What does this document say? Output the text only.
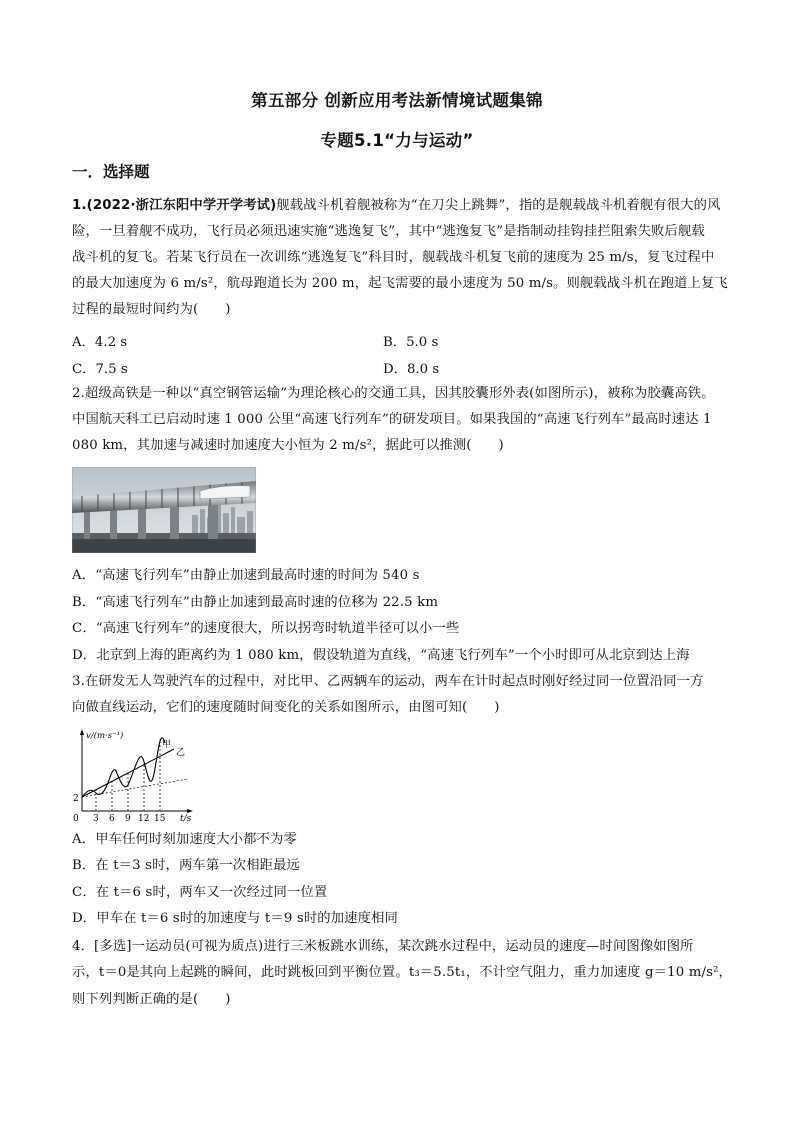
第五部分 创新应用考法新情境试题集锦
专题5.1“力与运动”
一．选择题
1.(2022·浙江东阳中学开学考试)舰载战斗机着舰被称为“在刀尖上跳舞”，指的是舰载战斗机着舰有很大的风
险，一旦着舰不成功，飞行员必须迅速实施“逃逸复飞”，其中“逃逸复飞”是指制动挂钩挂拦阻索失败后舰载
战斗机的复飞。若某飞行员在一次训练“逃逸复飞”科目时，舰载战斗机复飞前的速度为 25 m/s，复飞过程中
的最大加速度为 6 m/s²，航母跑道长为 200 m，起飞需要的最小速度为 50 m/s。则舰载战斗机在跑道上复飞
过程的最短时间约为(　　)
A．4.2 s	B．5.0 s
C．7.5 s	D．8.0 s
2.超级高铁是一种以“真空钢管运输”为理论核心的交通工具，因其胶囊形外表(如图所示)，被称为胶囊高铁。
中国航天科工已启动时速 1 000 公里“高速飞行列车”的研发项目。如果我国的“高速飞行列车”最高时速达 1
080 km，其加速与减速时加速度大小恒为 2 m/s²，据此可以推测(　　)
A．“高速飞行列车”由静止加速到最高时速的时间为 540 s
B．“高速飞行列车”由静止加速到最高时速的位移为 22.5 km
C．“高速飞行列车”的速度很大，所以拐弯时轨道半径可以小一些
D．北京到上海的距离约为 1 080 km，假设轨道为直线，“高速飞行列车”一个小时即可从北京到达上海
3.在研发无人驾驶汽车的过程中，对比甲、乙两辆车的运动，两车在计时起点时刚好经过同一位置沿同一方
向做直线运动，它们的速度随时间变化的关系如图所示，由图可知(　　)
v/(m·s⁻¹)
t/s
0
2
3 6 9 12 15
甲
乙
A．甲车任何时刻加速度大小都不为零
B．在 t＝3 s时，两车第一次相距最远
C．在 t＝6 s时，两车又一次经过同一位置
D．甲车在 t＝6 s时的加速度与 t＝9 s时的加速度相同
4．[多选]一运动员(可视为质点)进行三米板跳水训练，某次跳水过程中，运动员的速度—时间图像如图所
示，t＝0是其向上起跳的瞬间，此时跳板回到平衡位置。t₃＝5.5t₁，不计空气阻力，重力加速度 g＝10 m/s²，
则下列判断正确的是(　　)
